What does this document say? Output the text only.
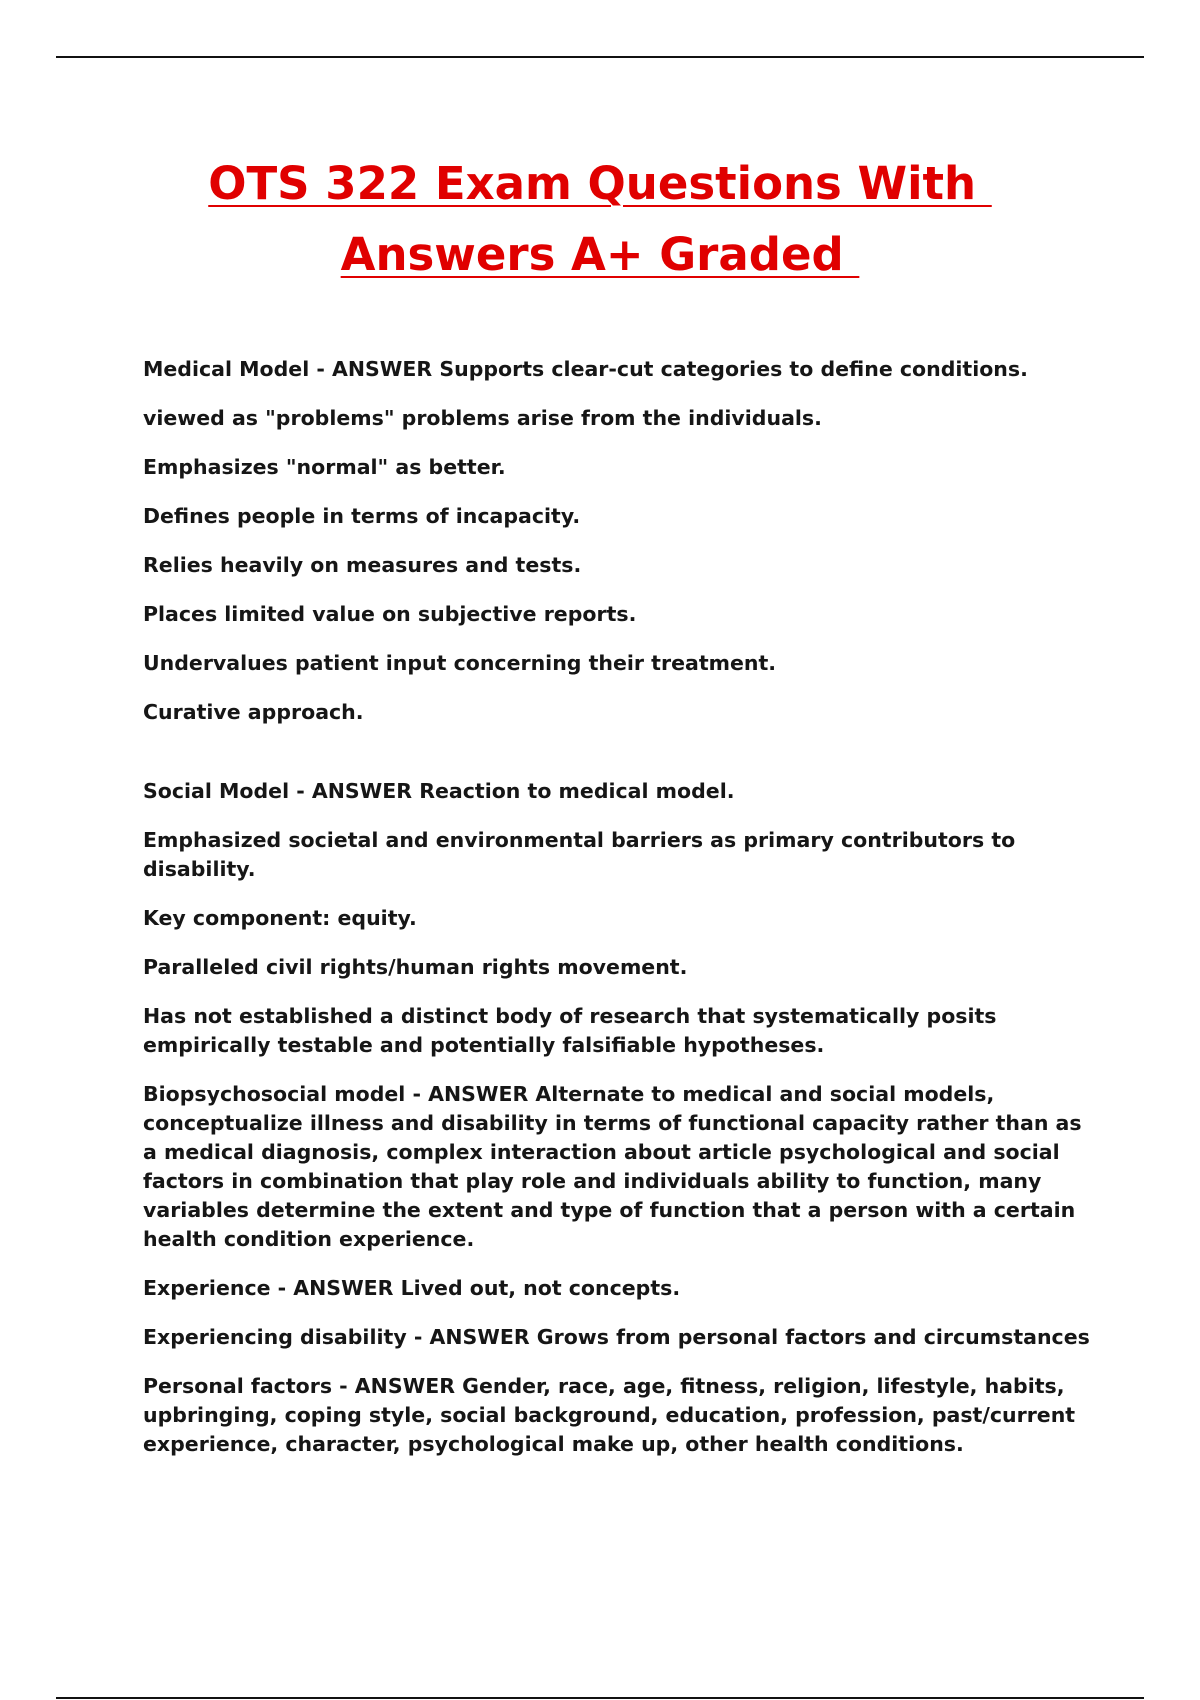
OTS 322 Exam Questions With
Answers A+ Graded

Medical Model - ANSWER Supports clear-cut categories to define conditions.

viewed as "problems" problems arise from the individuals.

Emphasizes "normal" as better.

Defines people in terms of incapacity.

Relies heavily on measures and tests.

Places limited value on subjective reports.

Undervalues patient input concerning their treatment.

Curative approach.

Social Model - ANSWER Reaction to medical model.

Emphasized societal and environmental barriers as primary contributors to disability.

Key component: equity.

Paralleled civil rights/human rights movement.

Has not established a distinct body of research that systematically posits empirically testable and potentially falsifiable hypotheses.

Biopsychosocial model - ANSWER Alternate to medical and social models, conceptualize illness and disability in terms of functional capacity rather than as a medical diagnosis, complex interaction about article psychological and social factors in combination that play role and individuals ability to function, many variables determine the extent and type of function that a person with a certain health condition experience.

Experience - ANSWER Lived out, not concepts.

Experiencing disability - ANSWER Grows from personal factors and circumstances

Personal factors - ANSWER Gender, race, age, fitness, religion, lifestyle, habits, upbringing, coping style, social background, education, profession, past/current experience, character, psychological make up, other health conditions.
